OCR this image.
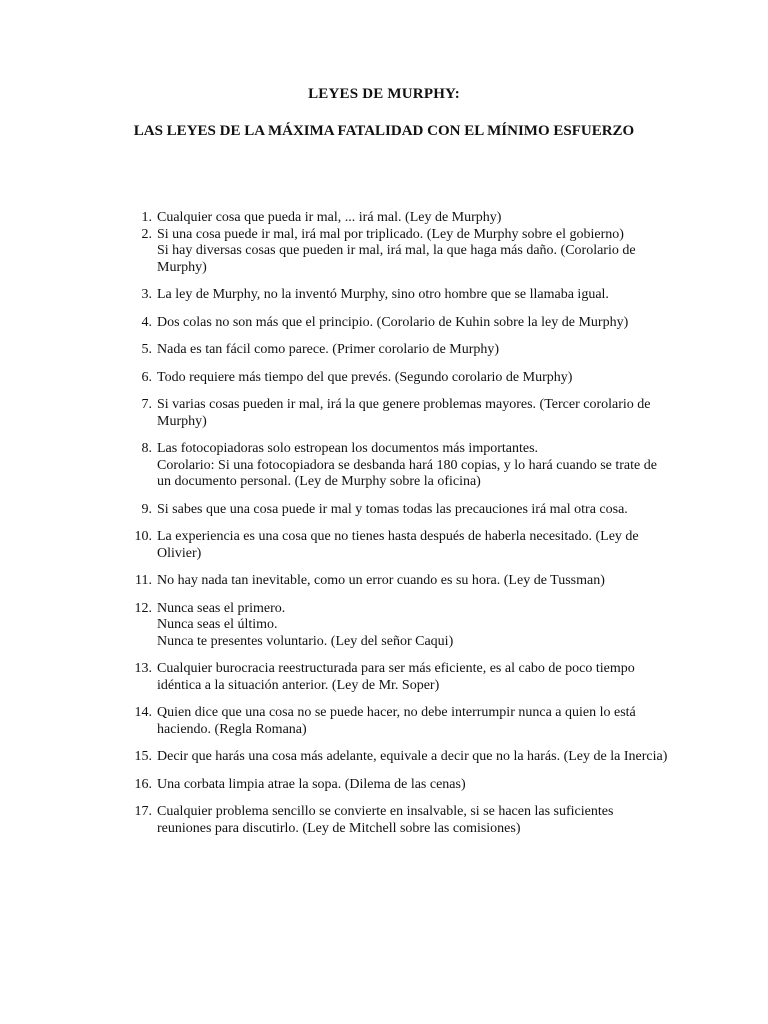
LEYES DE MURPHY:
LAS LEYES DE LA MÁXIMA FATALIDAD CON EL MÍNIMO ESFUERZO
1. Cualquier cosa que pueda ir mal, ... irá mal. (Ley de Murphy)
2. Si una cosa puede ir mal, irá mal por triplicado. (Ley de Murphy sobre el gobierno)
Si hay diversas cosas que pueden ir mal, irá mal, la que haga más daño. (Corolario de Murphy)
3. La ley de Murphy, no la inventó Murphy, sino otro hombre que se llamaba igual.
4. Dos colas no son más que el principio. (Corolario de Kuhin sobre la ley de Murphy)
5. Nada es tan fácil como parece. (Primer corolario de Murphy)
6. Todo requiere más tiempo del que prevés. (Segundo corolario de Murphy)
7. Si varias cosas pueden ir mal, irá la que genere problemas mayores. (Tercer corolario de Murphy)
8. Las fotocopiadoras solo estropean los documentos más importantes.
Corolario: Si una fotocopiadora se desbanda hará 180 copias, y lo hará cuando se trate de un documento personal. (Ley de Murphy sobre la oficina)
9. Si sabes que una cosa puede ir mal y tomas todas las precauciones irá mal otra cosa.
10. La experiencia es una cosa que no tienes hasta después de haberla necesitado. (Ley de Olivier)
11. No hay nada tan inevitable, como un error cuando es su hora. (Ley de Tussman)
12. Nunca seas el primero.
Nunca seas el último.
Nunca te presentes voluntario. (Ley del señor Caqui)
13. Cualquier burocracia reestructurada para ser más eficiente, es al cabo de poco tiempo idéntica a la situación anterior. (Ley de Mr. Soper)
14. Quien dice que una cosa no se puede hacer, no debe interrumpir nunca a quien lo está haciendo. (Regla Romana)
15. Decir que harás una cosa más adelante, equivale a decir que no la harás. (Ley de la Inercia)
16. Una corbata limpia atrae la sopa. (Dilema de las cenas)
17. Cualquier problema sencillo se convierte en insalvable, si se hacen las suficientes reuniones para discutirlo. (Ley de Mitchell sobre las comisiones)
